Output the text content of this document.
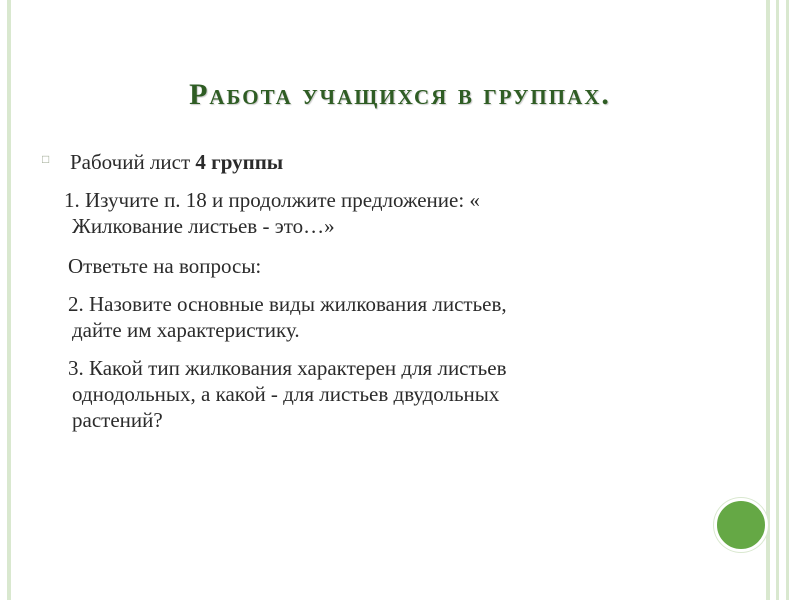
Работа учащихся в группах.
□ Рабочий лист 4 группы
1. Изучите п. 18 и продолжите предложение: «
Жилкование листьев - это…»
Ответьте на вопросы:
2. Назовите основные виды жилкования листьев,
дайте им характеристику.
3. Какой тип жилкования характерен для листьев
однодольных, а какой - для листьев двудольных
растений?
